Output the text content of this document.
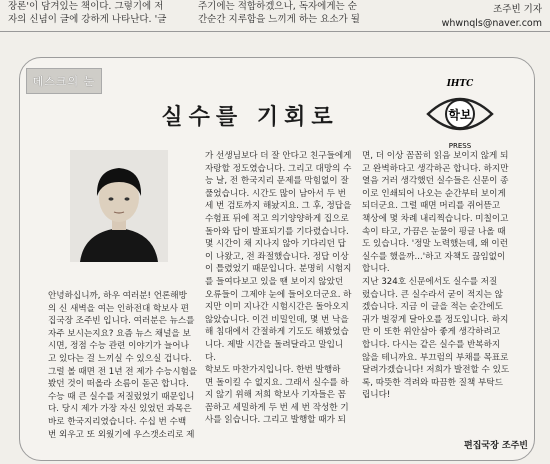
장론'이 담겨있는 책이다. 그렇기에 저
자의 신념이 글에 강하게 나타난다. '글
주기에는 적합하겠으나, 독자에게는 순
간순간 지루함을 느끼게 하는 요소가 될
조주빈 기자
whwnqls@naver.com
데스크의 눈
실수를 기회로	학보
IHTC
PRESS

안녕하십니까, 하우 여러분! 언론해방

의 신 새벽을 여는 인하전대 학보사 편

집국장 조주빈 입니다. 여러분은 뉴스를

자주 보시는지요? 요즘 뉴스 채널을 보

시면, 정점 수능 관련 이야기가 늘어나

고 있다는 걸 느끼실 수 있으실 겁니다.

그럴 볼 때면 전 1년 전 제가 수능시험을

봤던 것이 떠올라 소름이 돋곤 합니다.

수능 때 큰 실수를 저질렀었기 때문입니

다. 당시 제가 가장 자신 있었던 과목은

바로 한국지리였습니다. 수십 번 수백

번 외우고 또 외웠기에 우스갯소리로 제

가 선생님보다 더 잘 안다고 친구들에게

자랑할 정도였습니다. 그리고 대망의 수

능 날, 전 한국지리 문제를 막힘없이 잘

풀었습니다. 시간도 많이 남아서 두 번

세 번 검토까지 해놨지요. 그 후, 정답을

수험표 뒤에 적고 의기양양하게 집으로

돌아와 답이 발표되기를 기다렸습니다.

몇 시간이 채 지나지 않아 기다리던 답

이 나왔고, 전 좌절했습니다. 정답 이상

이 틀렸었기 때문입니다. 분명히 시험지

를 들여다보고 있을 땐 보이지 않았던

오류들이 그제야 눈에 들어오더군요. 하

지만 이미 지나간 시험시간은 돌아오지

않았습니다. 이건 비밀인데, 몇 번 낙을

해 침대에서 간절하게 기도도 해봤었습

니다. 제발 시간을 돌려달라고 말입니

다.

학보도 마찬가지입니다. 한번 발행하

면 돌이킬 수 없지요. 그래서 실수를 하

지 않기 위해 저희 학보사 기자들은 꼼

꼼하고 세밀하게 두 번 세 번 작성한 기

사를 읽습니다. 그리고 발행할 때가 되

면, 더 이상 꼼꼼히 읽음 보이지 않게 되

고 완벽하다고 생각하곤 합니다. 하지만

열음 거러 생각했던 실수들은 신문이 종

이로 인쇄되어 나오는 순간부터 보이게

되더군요. 그럴 때면 머리를 쥐어뜯고

책상에 몇 차례 내리찍습니다. 미칠이고

속이 타고, 가끔은 눈물이 핑글 나올 때

도 있습니다. '정말 노력했는데, 왜 이런

실수를 했을까...'하고 자책도 끊임없이

합니다.

지난 324호 신문에서도 실수를 저질

렀습니다. 큰 실수라서 굳이 적지는 않

겠습니다. 지금 이 글을 적는 순간에도

귀가 벌겋게 달아오를 정도입니다. 하지

만 이 또한 위안삼아 좋게 생각하려고

합니다. 다시는 같은 실수를 반복하지

않을 테니까요. 부끄럼의 부채를 목표로

달려가겠습니다! 저희가 발전할 수 있도

록, 따뜻한 격려와 따끔한 질책 부탁드

립니다!

편집국장 조주빈
